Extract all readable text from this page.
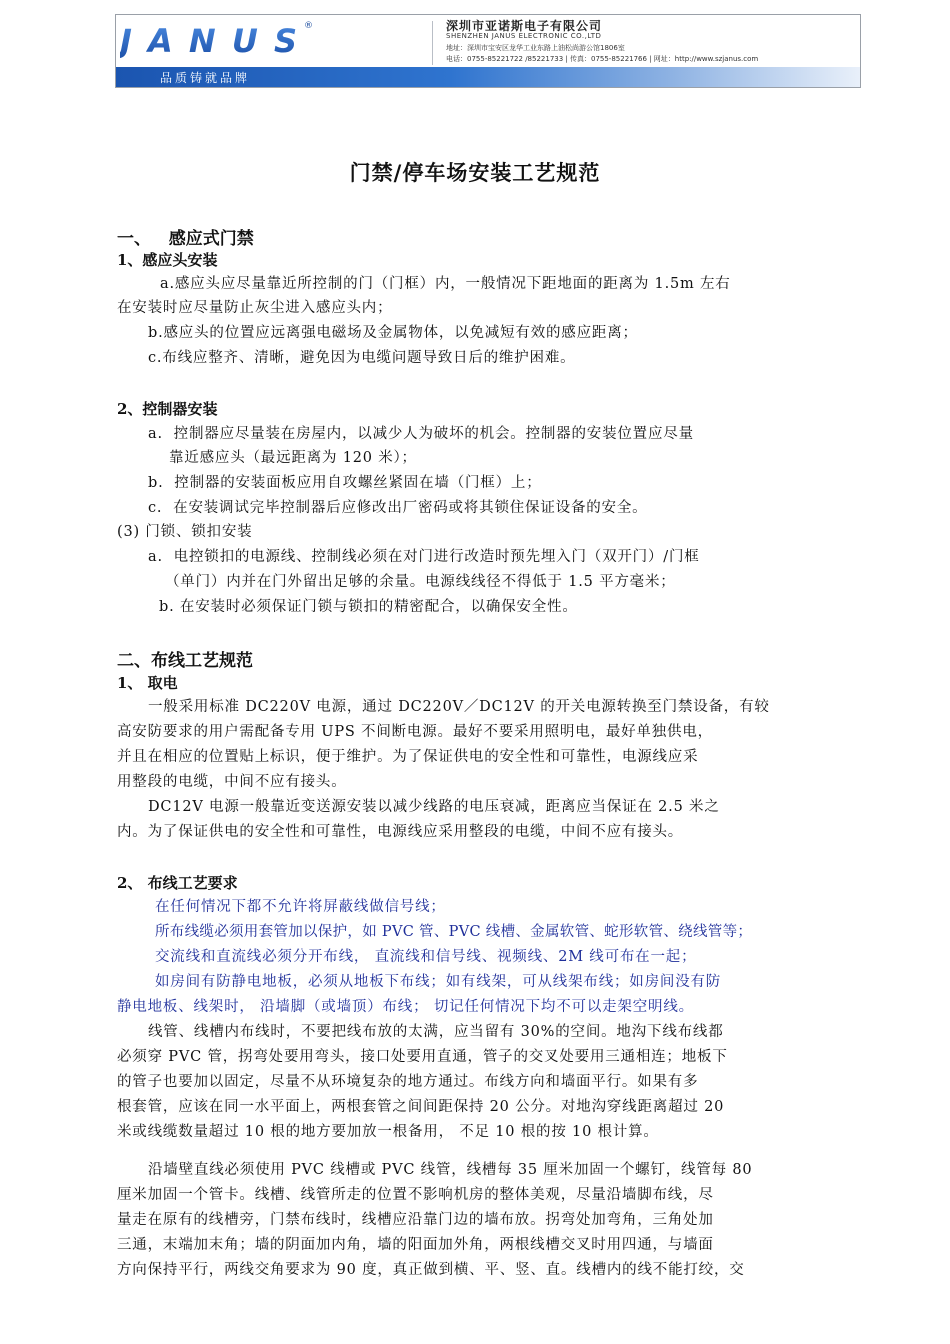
JANUS ®	深圳市亚诺斯电子有限公司
SHENZHEN JANUS ELECTRONIC CO.,LTD
地址：深圳市宝安区龙华工业东路上油松尚游公馆1806室
电话：0755-85221722 /85221733 | 传真：0755-85221766 | 网址：http://www.szjanus.com
品质铸就品牌
门禁/停车场安装工艺规范
一、   感应式门禁
1、感应头安装
a.感应头应尽量靠近所控制的门（门框）内，一般情况下距地面的距离为 1.5m 左右
在安装时应尽量防止灰尘进入感应头内；
b.感应头的位置应远离强电磁场及金属物体，以免减短有效的感应距离；
c.布线应整齐、清晰，避免因为电缆问题导致日后的维护困难。
2、控制器安装
a.  控制器应尽量装在房屋内，以减少人为破坏的机会。控制器的安装位置应尽量
靠近感应头（最远距离为 120 米）；
b.  控制器的安装面板应用自攻螺丝紧固在墙（门框）上；
c.  在安装调试完毕控制器后应修改出厂密码或将其锁住保证设备的安全。
(3) 门锁、锁扣安装
a.  电控锁扣的电源线、控制线必须在对门进行改造时预先埋入门（双开门）/门框
（单门）内并在门外留出足够的余量。电源线线径不得低于 1.5 平方毫米；
b. 在安装时必须保证门锁与锁扣的精密配合，以确保安全性。
二、布线工艺规范
1、 取电
一般采用标准 DC220V 电源，通过 DC220V／DC12V 的开关电源转换至门禁设备，有较
高安防要求的用户需配备专用 UPS 不间断电源。最好不要采用照明电，最好单独供电，
并且在相应的位置贴上标识，便于维护。为了保证供电的安全性和可靠性，电源线应采
用整段的电缆，中间不应有接头。
DC12V 电源一般靠近变送源安装以减少线路的电压衰减，距离应当保证在 2.5 米之
内。为了保证供电的安全性和可靠性，电源线应采用整段的电缆，中间不应有接头。
2、 布线工艺要求
在任何情况下都不允许将屏蔽线做信号线；
所布线缆必须用套管加以保护，如 PVC 管、PVC 线槽、金属软管、蛇形软管、绕线管等；
交流线和直流线必须分开布线， 直流线和信号线、视频线、2M 线可布在一起；
如房间有防静电地板，必须从地板下布线；如有线架，可从线架布线；如房间没有防
静电地板、线架时， 沿墙脚（或墙顶）布线； 切记任何情况下均不可以走架空明线。
线管、线槽内布线时，不要把线布放的太满，应当留有 30%的空间。地沟下线布线都
必须穿 PVC 管，拐弯处要用弯头，接口处要用直通，管子的交叉处要用三通相连；地板下
的管子也要加以固定，尽量不从环境复杂的地方通过。布线方向和墙面平行。如果有多
根套管，应该在同一水平面上，两根套管之间间距保持 20 公分。对地沟穿线距离超过 20
米或线缆数量超过 10 根的地方要加放一根备用， 不足 10 根的按 10 根计算。
沿墙壁直线必须使用 PVC 线槽或 PVC 线管，线槽每 35 厘米加固一个螺钉，线管每 80
厘米加固一个管卡。线槽、线管所走的位置不影响机房的整体美观，尽量沿墙脚布线，尽
量走在原有的线槽旁，门禁布线时，线槽应沿靠门边的墙布放。拐弯处加弯角，三角处加
三通，末端加末角；墙的阴面加内角，墙的阳面加外角，两根线槽交叉时用四通，与墙面
方向保持平行，两线交角要求为 90 度，真正做到横、平、竖、直。线槽内的线不能打绞，交
